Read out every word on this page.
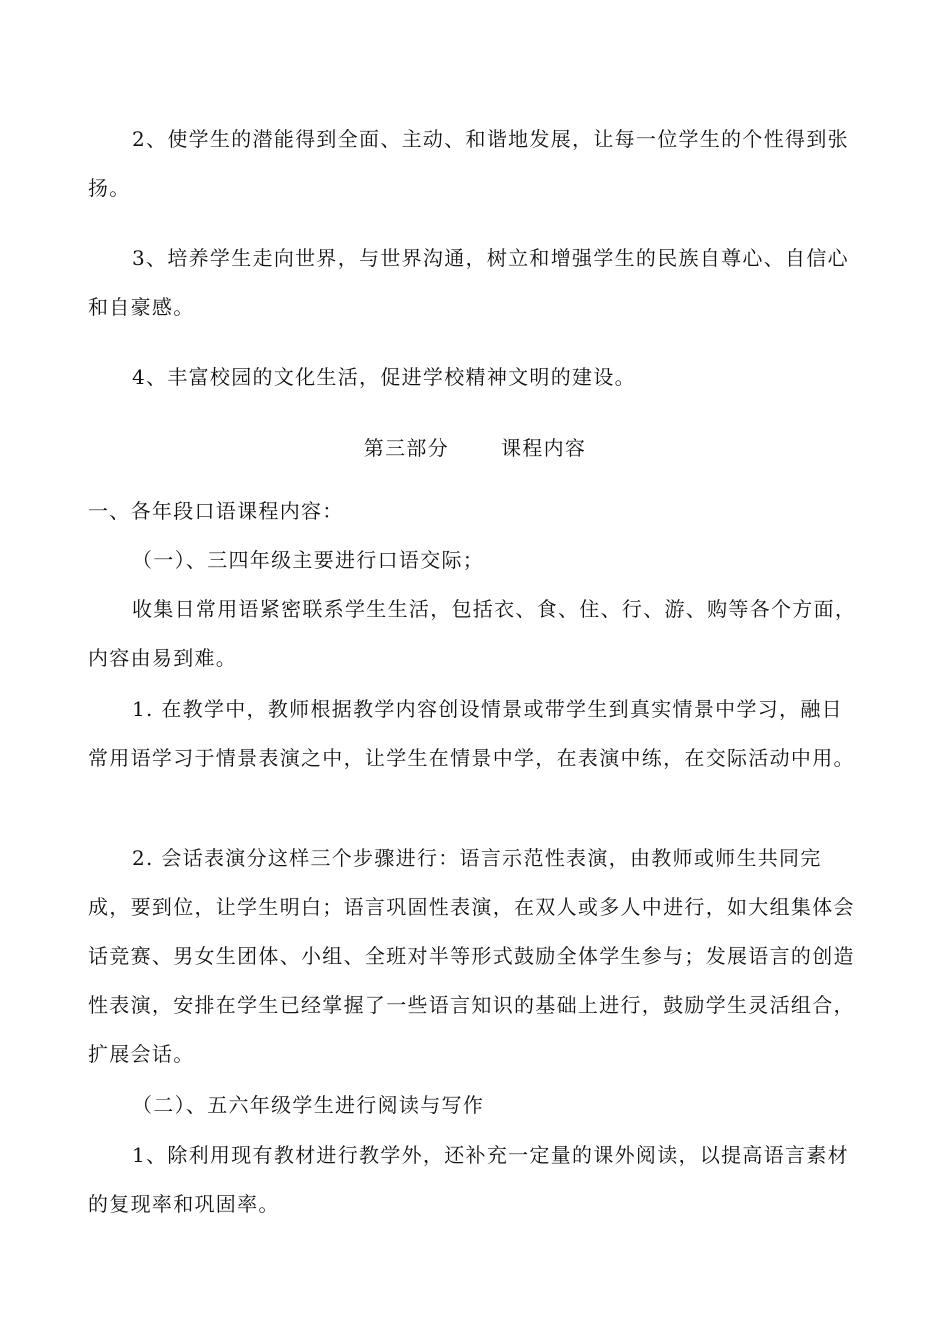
2、使学生的潜能得到全面、主动、和谐地发展，让每一位学生的个性得到张扬。

3、培养学生走向世界，与世界沟通，树立和增强学生的民族自尊心、自信心和自豪感。

4、丰富校园的文化生活，促进学校精神文明的建设。

第三部分	课程内容

一、各年段口语课程内容：

（一）、三四年级主要进行口语交际；

收集日常用语紧密联系学生生活，包括衣、食、住、行、游、购等各个方面，内容由易到难。

1. 在教学中，教师根据教学内容创设情景或带学生到真实情景中学习，融日常用语学习于情景表演之中，让学生在情景中学，在表演中练，在交际活动中用。

2. 会话表演分这样三个步骤进行：语言示范性表演，由教师或师生共同完成，要到位，让学生明白；语言巩固性表演，在双人或多人中进行，如大组集体会话竞赛、男女生团体、小组、全班对半等形式鼓励全体学生参与；发展语言的创造性表演，安排在学生已经掌握了一些语言知识的基础上进行，鼓励学生灵活组合，扩展会话。

（二）、五六年级学生进行阅读与写作

1、除利用现有教材进行教学外，还补充一定量的课外阅读，以提高语言素材的复现率和巩固率。
